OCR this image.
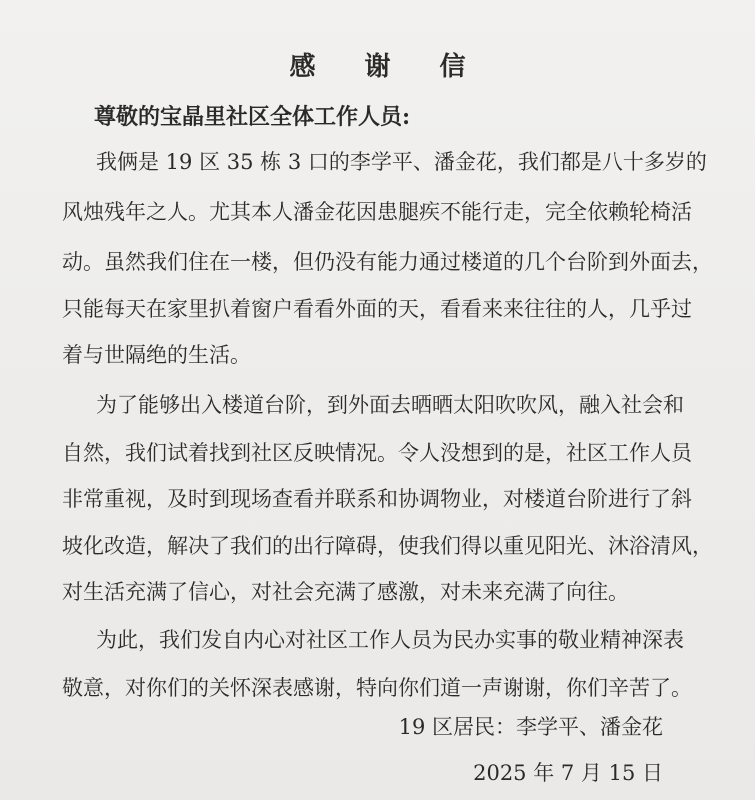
感 谢 信

尊敬的宝晶里社区全体工作人员:

我俩是 19 区 35 栋 3 口的李学平、潘金花，我们都是八十多岁的

风烛残年之人。尤其本人潘金花因患腿疾不能行走，完全依赖轮椅活

动。虽然我们住在一楼，但仍没有能力通过楼道的几个台阶到外面去，

只能每天在家里扒着窗户看看外面的天，看看来来往往的人，几乎过

着与世隔绝的生活。

为了能够出入楼道台阶，到外面去晒晒太阳吹吹风，融入社会和

自然，我们试着找到社区反映情况。令人没想到的是，社区工作人员

非常重视，及时到现场查看并联系和协调物业，对楼道台阶进行了斜

坡化改造，解决了我们的出行障碍，使我们得以重见阳光、沐浴清风，

对生活充满了信心，对社会充满了感激，对未来充满了向往。

为此，我们发自内心对社区工作人员为民办实事的敬业精神深表

敬意，对你们的关怀深表感谢，特向你们道一声谢谢，你们辛苦了。

19 区居民：李学平、潘金花

2025 年 7 月 15 日
